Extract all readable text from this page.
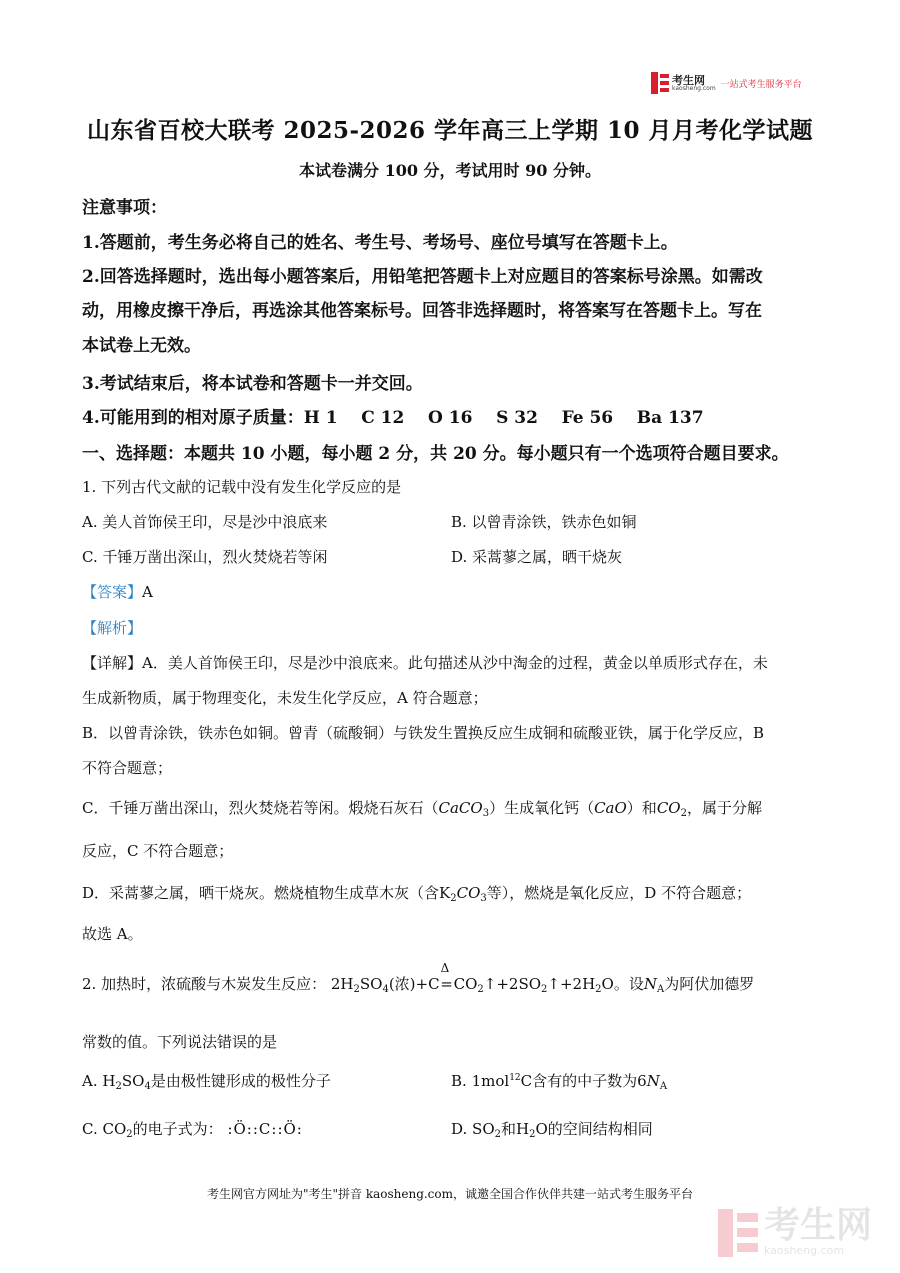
考生网
kaosheng.com 一站式考生服务平台
山东省百校大联考 2025-2026 学年高三上学期 10 月月考化学试题
本试卷满分 100 分，考试用时 90 分钟。
注意事项：
1.答题前，考生务必将自己的姓名、考生号、考场号、座位号填写在答题卡上。
2.回答选择题时，选出每小题答案后，用铅笔把答题卡上对应题目的答案标号涂黑。如需改
动，用橡皮擦干净后，再选涂其他答案标号。回答非选择题时，将答案写在答题卡上。写在
本试卷上无效。
3.考试结束后，将本试卷和答题卡一并交回。
4.可能用到的相对原子质量：H 1    C 12    O 16    S 32    Fe 56    Ba 137
一、选择题：本题共 10 小题，每小题 2 分，共 20 分。每小题只有一个选项符合题目要求。
1. 下列古代文献的记载中没有发生化学反应的是
A. 美人首饰侯王印，尽是沙中浪底来	B. 以曾青涂铁，铁赤色如铜
C. 千锤万凿出深山，烈火焚烧若等闲	D. 采蒿蓼之属，晒干烧灰
【答案】A
【解析】
【详解】A．美人首饰侯王印，尽是沙中浪底来。此句描述从沙中淘金的过程，黄金以单质形式存在，未
生成新物质，属于物理变化，未发生化学反应，A 符合题意；
B．以曾青涂铁，铁赤色如铜。曾青（硫酸铜）与铁发生置换反应生成铜和硫酸亚铁，属于化学反应，B
不符合题意；
C．千锤万凿出深山，烈火焚烧若等闲。煅烧石灰石（CaCO$_3$）生成氧化钙（CaO）和$CO_2$，属于分解
反应，C 不符合题意；
D．采蒿蓼之属，晒干烧灰。燃烧植物生成草木灰（含$K_2CO_3$等），燃烧是氧化反应，D 不符合题意；
故选 A。
2. 加热时，浓硫酸与木炭发生反应： $2H_2SO_4$(浓)+C
Δ
$=CO_2↑+2SO_2↑+2H_2O$。设$N_A$为阿伏加德罗
常数的值。下列说法错误的是
A. $H_2SO_4$是由极性键形成的极性分子	B. 1mol$^{12}$C含有的中子数为$6N_A$
C. $CO_2$的电子式为： :Ö::C::Ö:	D. $SO_2$和$H_2O$的空间结构相同
考生网官方网址为"考生"拼音 kaosheng.com，诚邀全国合作伙伴共建一站式考生服务平台
考生网
kaosheng.com
